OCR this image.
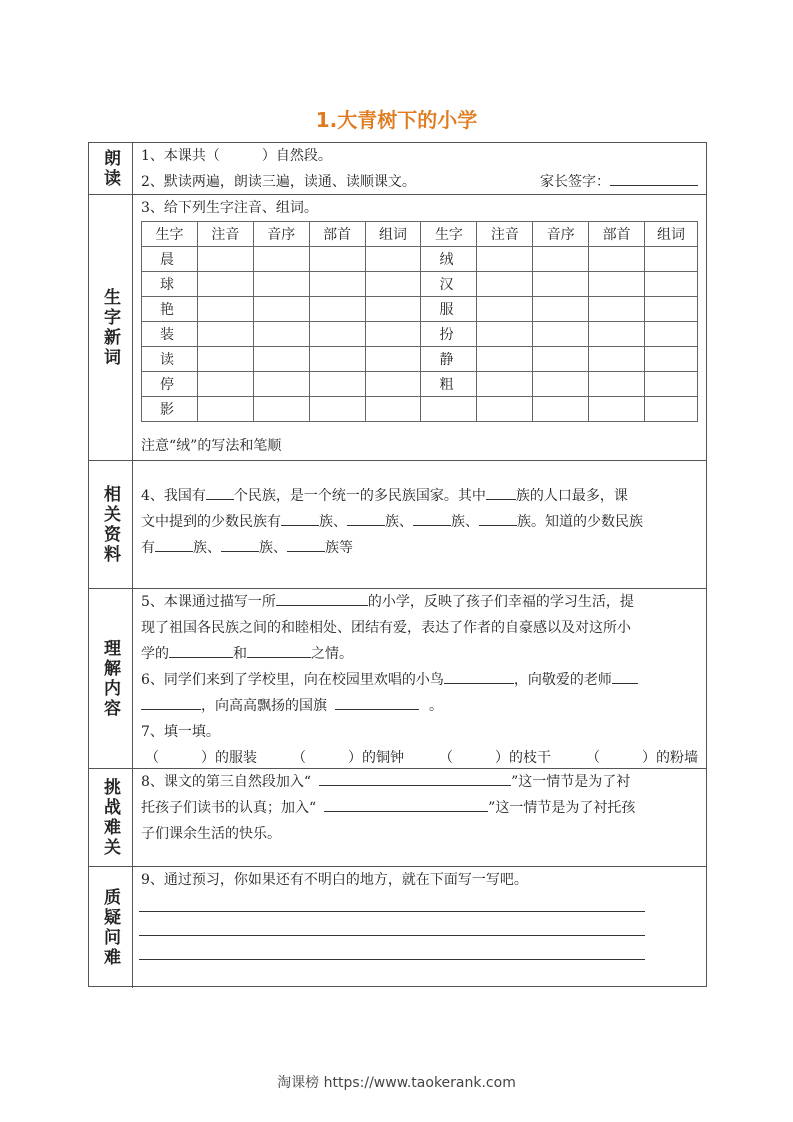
1.大青树下的小学
朗读	1、本课共（　　　）自然段。
2、默读两遍，朗读三遍，读通、读顺课文。	家长签字：
生字新词
3、给下列生字注音、组词。
生字	注音	音序	部首	组词	生字	注音	音序	部首	组词
晨					绒				
球					汉				
艳					服				
装					扮				
读					静				
停					粗				
影									
注意“绒”的写法和笔顺
相关资料	4、我国有 个民族，是一个统一的多民族国家。其中 族的人口最多，课
文中提到的少数民族有	族、	族、	族、	族。知道的少数民族
有	族、	族、	族等
理解内容
5、本课通过描写一所	的小学，反映了孩子们幸福的学习生活，提
现了祖国各民族之间的和睦相处、团结有爱，表达了作者的自豪感以及对这所小
学的	和	之情。
6、同学们来到了学校里，向在校园里欢唱的小鸟	，向敬爱的老师
，向高高飘扬的国旗	。
7、填一填。
（　　　）的服装	（　　　）的铜钟	（　　　）的枝干	（　　　）的粉墙
挑战难关	8、课文的第三自然段加入“	”这一情节是为了衬
托孩子们读书的认真；加入“	”这一情节是为了衬托孩
子们课余生活的快乐。
质疑问难
9、通过预习，你如果还有不明白的地方，就在下面写一写吧。
淘课榜 https://www.taokerank.com
